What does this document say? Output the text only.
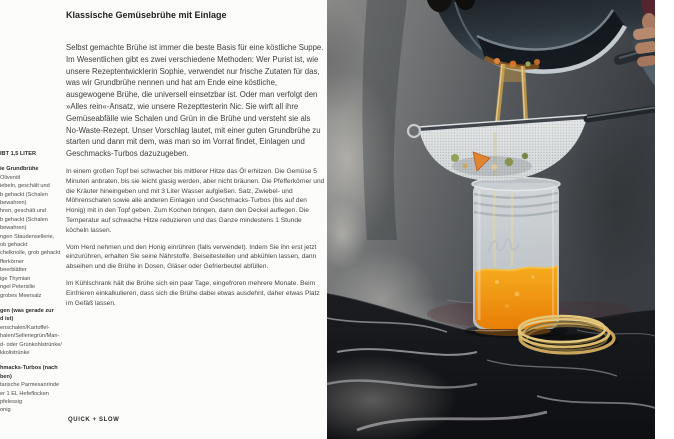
IBT 1,5 LITER
ie Grundbrühe
Olivenöl
iebeln, geschält und
b gehackt (Schalen
bewahren)
hren, geschält und
b gehackt (Schalen
bewahren)
ngen Staudensellerie,
ob gehackt
chelknolle, grob gehackt
fferkörner
beerblätter
ige Thymian
ngel Petersilie
grobes Meersalz
gen (was gerade zur
d ist)
enschalen/Kartoffel-
halen/Selleriegrün/Man-
d- oder Grünkohlstrünke/
kkolistrünke
hmacks-Turbos (nach
ben)
tarische Parmesanrinde
er 1 EL Hefeflocken
pfelessig
onig
Klassische Gemüsebrühe mit Einlage

Selbst gemachte Brühe ist immer die beste Basis für eine köstliche Suppe. Im Wesentlichen gibt es zwei verschiedene Methoden: Wer Purist ist, wie unsere Rezeptentwicklerin Sophie, verwendet nur frische Zutaten für das, was wir Grundbrühe nennen und hat am Ende eine köstliche, ausgewogene Brühe, die universell einsetzbar ist. Oder man verfolgt den »Alles rein«-Ansatz, wie unsere Rezepttesterin Nic. Sie wirft all ihre Gemüseabfälle wie Schalen und Grün in die Brühe und versteht sie als No-Waste-Rezept. Unser Vorschlag lautet, mit einer guten Grundbrühe zu starten und dann mit dem, was man so im Vorrat findet, Einlagen und Geschmacks-Turbos dazuzugeben.

In einem großen Topf bei schwacher bis mittlerer Hitze das Öl erhitzen. Die Gemüse 5 Minuten anbraten, bis sie leicht glasig werden, aber nicht bräunen. Die Pfefferkörner und die Kräuter hineingeben und mit 3 Liter Wasser aufgießen. Salz, Zwiebel- und Möhrenschalen sowie alle anderen Einlagen und Geschmacks-Turbos (bis auf den Honig) mit in den Topf geben. Zum Kochen bringen, dann den Deckel auflegen. Die Temperatur auf schwache Hitze reduzieren und das Ganze mindestens 1 Stunde köcheln lassen.

Vom Herd nehmen und den Honig einrühren (falls verwendet). Indem Sie ihn erst jetzt einzurühren, erhalten Sie seine Nährstoffe. Beiseitestellen und abkühlen lassen, dann abseihen und die Brühe in Dosen, Gläser oder Gefrierbeutel abfüllen.

Im Kühlschrank hält die Brühe sich ein paar Tage, eingefroren mehrere Monate. Beim Einfrieren einkalkulieren, dass sich die Brühe dabei etwas ausdehnt, daher etwas Platz im Gefäß lassen.

QUICK + SLOW
